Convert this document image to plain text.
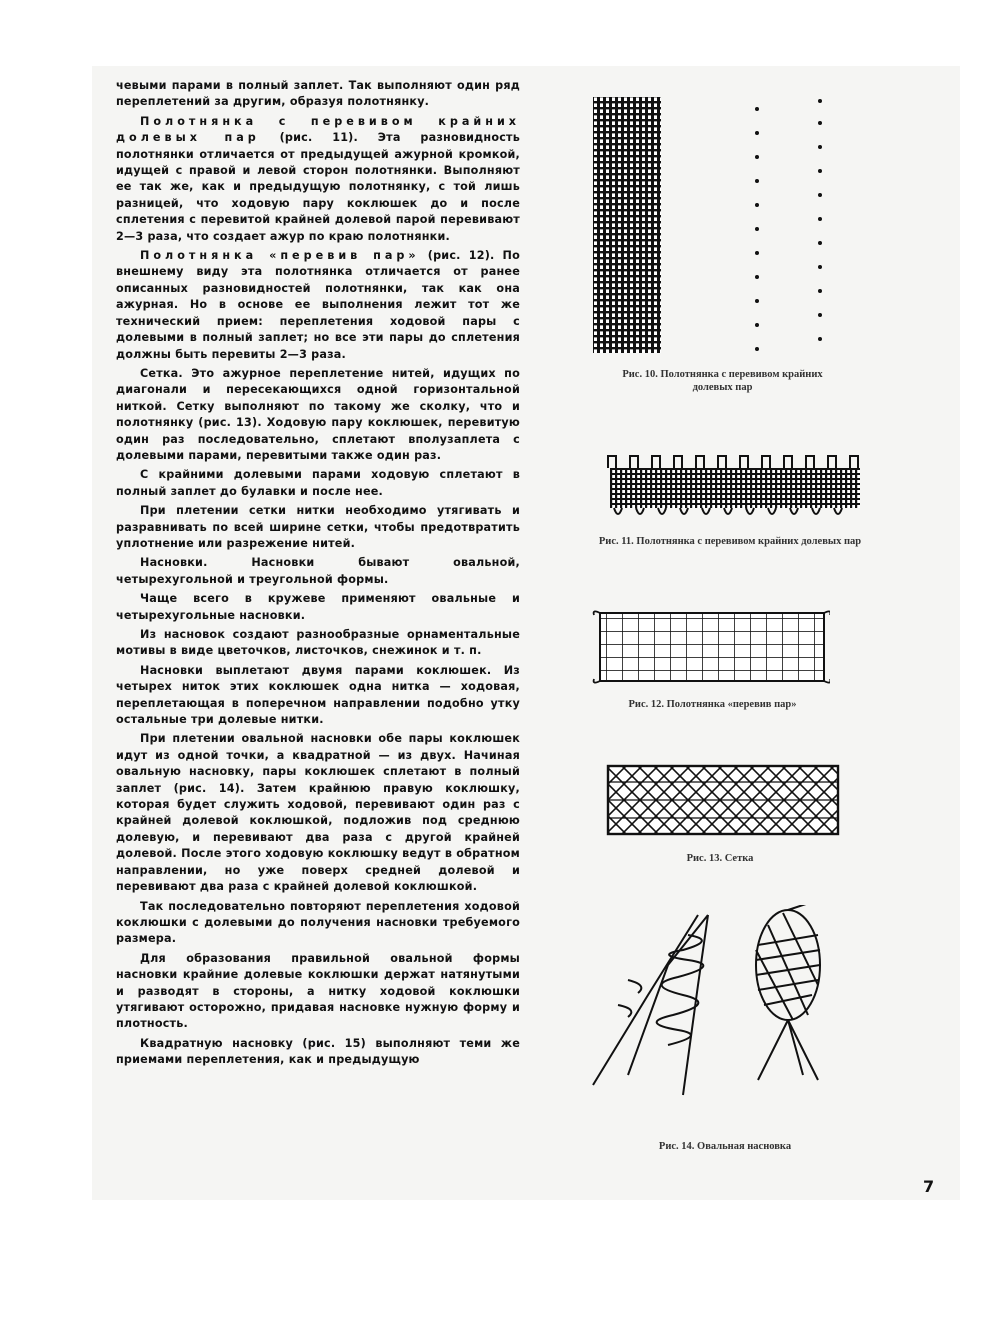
чевыми парами в полный заплет. Так выполняют один ряд переплетений за другим, образуя полотнянку.

Полотнянка с перевивом крайних долевых пар (рис. 11). Эта разновидность полотнянки отличается от предыдущей ажурной кромкой, идущей с правой и левой сторон полотнянки. Выполняют ее так же, как и предыдущую полотнянку, с той лишь разницей, что ходовую пару коклюшек до и после сплетения с перевитой крайней долевой парой перевивают 2—3 раза, что создает ажур по краю полотнянки.

Полотнянка «перевив пар» (рис. 12). По внешнему виду эта полотнянка отличается от ранее описанных разновидностей полотнянки, так как она ажурная. Но в основе ее выполнения лежит тот же технический прием: переплетения ходовой пары с долевыми в полный заплет; но все эти пары до сплетения должны быть перевиты 2—3 раза.

Сетка. Это ажурное переплетение нитей, идущих по диагонали и пересекающихся одной горизонтальной ниткой. Сетку выполняют по такому же сколку, что и полотнянку (рис. 13). Ходовую пару коклюшек, перевитую один раз последовательно, сплетают вполузаплета с долевыми парами, перевитыми также один раз.

С крайними долевыми парами ходовую сплетают в полный заплет до булавки и после нее.

При плетении сетки нитки необходимо утягивать и разравнивать по всей ширине сетки, чтобы предотвратить уплотнение или разрежение нитей.

Насновки. Насновки бывают овальной, четырехугольной и треугольной формы.

Чаще всего в кружеве применяют овальные и четырехугольные насновки.

Из насновок создают разнообразные орнаментальные мотивы в виде цветочков, листочков, снежинок и т. п.

Насновки выплетают двумя парами коклюшек. Из четырех ниток этих коклюшек одна нитка — ходовая, переплетающая в поперечном направлении подобно утку остальные три долевые нитки.

При плетении овальной насновки обе пары коклюшек идут из одной точки, а квадратной — из двух. Начиная овальную насновку, пары коклюшек сплетают в полный заплет (рис. 14). Затем крайнюю правую коклюшку, которая будет служить ходовой, перевивают один раз с крайней долевой коклюшкой, подложив под среднюю долевую, и перевивают два раза с другой крайней долевой. После этого ходовую коклюшку ведут в обратном направлении, но уже поверх средней долевой и перевивают два раза с крайней долевой коклюшкой.

Так последовательно повторяют переплетения ходовой коклюшки с долевыми до получения насновки требуемого размера.

Для образования правильной овальной формы насновки крайние долевые коклюшки держат натянутыми и разводят в стороны, а нитку ходовой коклюшки утягивают осторожно, придавая насновке нужную форму и плотность.

Квадратную насновку (рис. 15) выполняют теми же приемами переплетения, как и предыдущую

Рис. 10. Полотнянка с перевивом крайних долевых пар
Рис. 11. Полотнянка с перевивом крайних долевых пар
Рис. 12. Полотнянка «перевив пар»
Рис. 13. Сетка
Рис. 14. Овальная насновка
7
